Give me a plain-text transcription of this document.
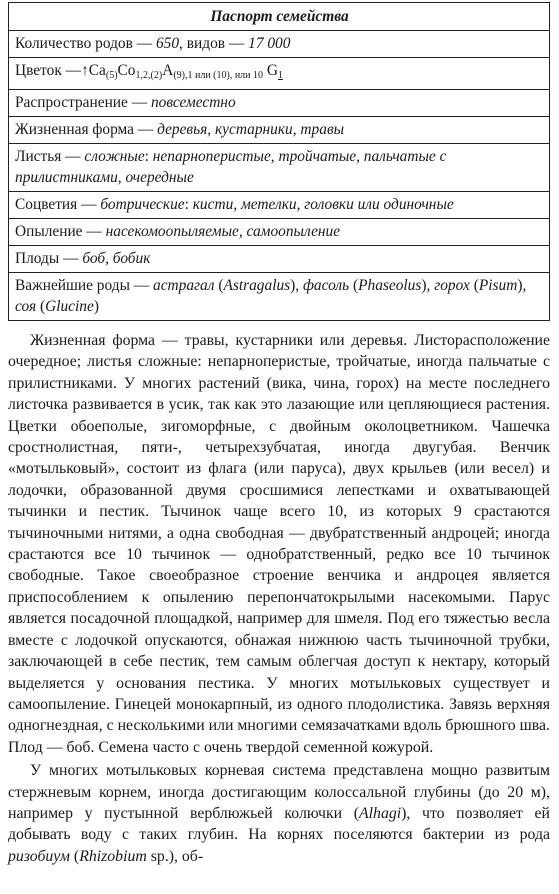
Паспорт семейства
Количество родов — 650, видов — 17 000
Цветок $—↑Ca_{(5)}Co_{1,2,(2)}A_{(9),1 или (10), или 10}$ $G_1$
Распространение — повсеместно
Жизненная форма — деревья, кустарники, травы
Листья — сложные: непарноперистые, тройчатые, пальчатые с прилистниками, очередные
Соцветия — ботрические: кисти, метелки, головки или одиночные
Опыление — насекомоопыляемые, самоопыление
Плоды — боб, бобик
Важнейшие роды — астрагал (Astragalus), фасоль (Phaseolus), горох (Pisum), соя (Glucine)

Жизненная форма — травы, кустарники или деревья. Листорасположение очередное; листья сложные: непарноперистые, тройчатые, иногда пальчатые с прилистниками. У многих растений (вика, чина, горох) на месте последнего листочка развивается в усик, так как это лазающие или цепляющиеся растения. Цветки обоеполые, зигоморфные, с двойным околоцветником. Чашечка сростнолистная, пяти-, четырехзубчатая, иногда двугубая. Венчик «мотыльковый», состоит из флага (или паруса), двух крыльев (или весел) и лодочки, образованной двумя сросшимися лепестками и охватывающей тычинки и пестик. Тычинок чаще всего 10, из которых 9 срастаются тычиночными нитями, а одна свободная — двубратственный андроцей; иногда срастаются все 10 тычинок — однобратственный, редко все 10 тычинок свободные. Такое своеобразное строение венчика и андроцея является приспособлением к опылению перепончатокрылыми насекомыми. Парус является посадочной площадкой, например для шмеля. Под его тяжестью весла вместе с лодочкой опускаются, обнажая нижнюю часть тычиночной трубки, заключающей в себе пестик, тем самым облегчая доступ к нектару, который выделяется у основания пестика. У многих мотыльковых существует и самоопыление. Гинецей монокарпный, из одного плодолистика. Завязь верхняя одногнездная, с несколькими или многими семязачатками вдоль брюшного шва. Плод — боб. Семена часто с очень твердой семенной кожурой.

У многих мотыльковых корневая система представлена мощно развитым стержневым корнем, иногда достигающим колоссальной глубины (до 20 м), например у пустынной верблюжьей колючки (Alhagi), что позволяет ей добывать воду с таких глубин. На корнях поселяются бактерии из рода ризобиум (Rhizobium sp.), об-
